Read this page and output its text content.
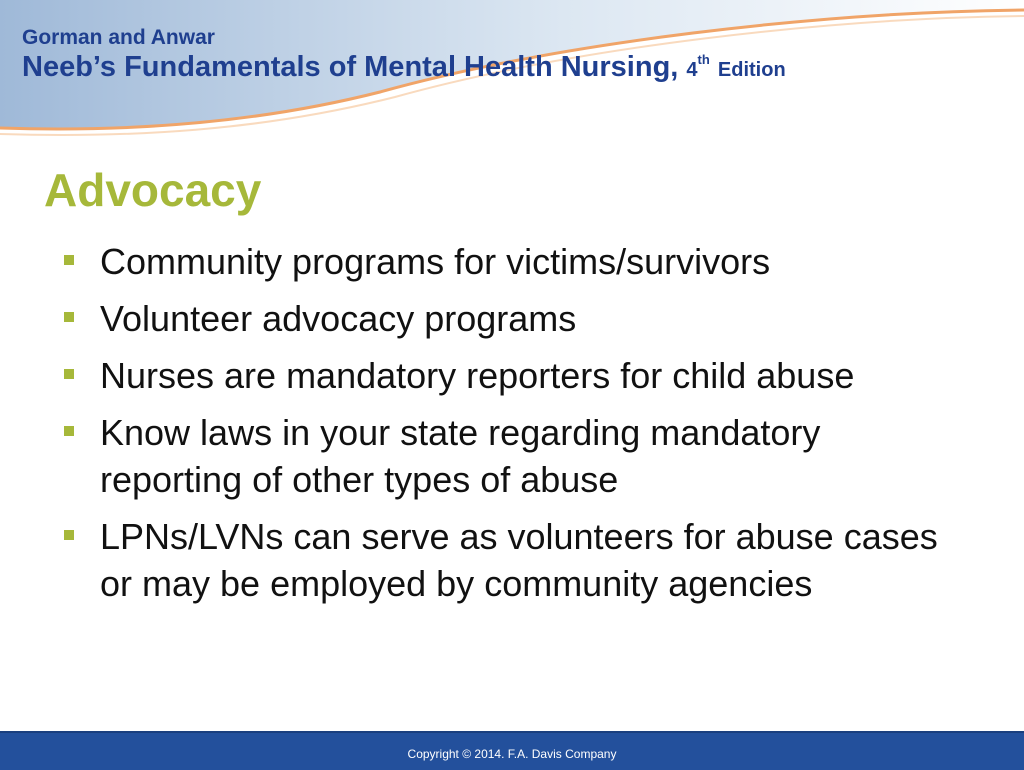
Gorman and Anwar
Neeb’s Fundamentals of Mental Health Nursing, 4th Edition
Advocacy
Community programs for victims/survivors
Volunteer advocacy programs
Nurses are mandatory reporters for child abuse
Know laws in your state regarding mandatory reporting of other types of abuse
LPNs/LVNs can serve as volunteers for abuse cases or may be employed by community agencies
Copyright © 2014. F.A. Davis Company
